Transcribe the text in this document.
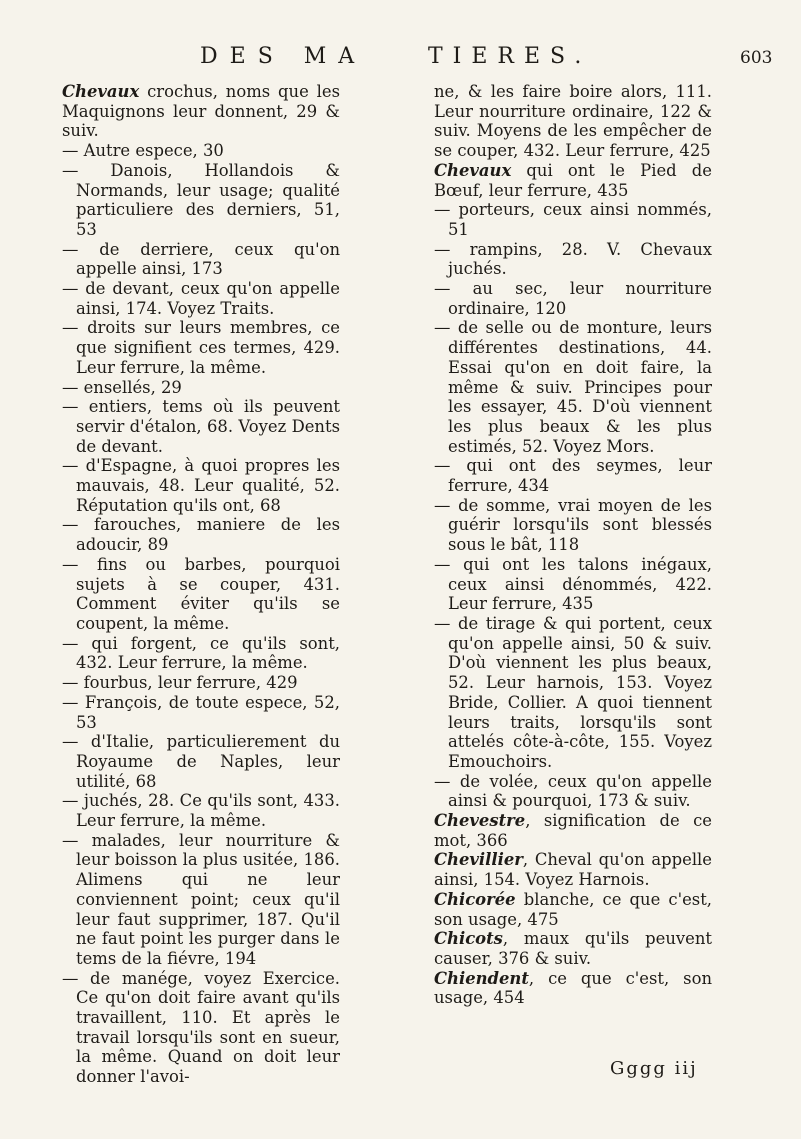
DES MA	TIERES.	603

Chevaux crochus, noms que les Maquignons leur donnent, 29 & suiv.

— Autre espece, 30

— Danois, Hollandois & Normands, leur usage; qualité particuliere des derniers, 51, 53

— de derriere, ceux qu'on appelle ainsi, 173

— de devant, ceux qu'on appelle ainsi, 174. Voyez Traits.

— droits sur leurs membres, ce que signifient ces termes, 429. Leur ferrure, la même.

— ensellés, 29

— entiers, tems où ils peuvent servir d'étalon, 68. Voyez Dents de devant.

— d'Espagne, à quoi propres les mauvais, 48. Leur qualité, 52. Réputation qu'ils ont, 68

— farouches, maniere de les adoucir, 89

— fins ou barbes, pourquoi sujets à se couper, 431. Comment éviter qu'ils se coupent, la même.

— qui forgent, ce qu'ils sont, 432. Leur ferrure, la même.

— fourbus, leur ferrure, 429

— François, de toute espece, 52, 53

— d'Italie, particulierement du Royaume de Naples, leur utilité, 68

— juchés, 28. Ce qu'ils sont, 433. Leur ferrure, la même.

— malades, leur nourriture & leur boisson la plus usitée, 186. Alimens qui ne leur conviennent point; ceux qu'il leur faut supprimer, 187. Qu'il ne faut point les purger dans le tems de la fiévre, 194

— de manége, voyez Exercice. Ce qu'on doit faire avant qu'ils travaillent, 110. Et après le travail lorsqu'ils sont en sueur, la même. Quand on doit leur donner l'avoi-

ne, & les faire boire alors, 111. Leur nourriture ordinaire, 122 & suiv. Moyens de les empêcher de se couper, 432. Leur ferrure, 425

Chevaux qui ont le Pied de Bœuf, leur ferrure, 435

— porteurs, ceux ainsi nommés, 51

— rampins, 28. V. Chevaux juchés.

— au sec, leur nourriture ordinaire, 120

— de selle ou de monture, leurs différentes destinations, 44. Essai qu'on en doit faire, la même & suiv. Principes pour les essayer, 45. D'où viennent les plus beaux & les plus estimés, 52. Voyez Mors.

— qui ont des seymes, leur ferrure, 434

— de somme, vrai moyen de les guérir lorsqu'ils sont blessés sous le bât, 118

— qui ont les talons inégaux, ceux ainsi dénommés, 422. Leur ferrure, 435

— de tirage & qui portent, ceux qu'on appelle ainsi, 50 & suiv. D'où viennent les plus beaux, 52. Leur harnois, 153. Voyez Bride, Collier. A quoi tiennent leurs traits, lorsqu'ils sont attelés côte-à-côte, 155. Voyez Emouchoirs.

— de volée, ceux qu'on appelle ainsi & pourquoi, 173 & suiv.

Chevestre, signification de ce mot, 366

Chevillier, Cheval qu'on appelle ainsi, 154. Voyez Harnois.

Chicorée blanche, ce que c'est, son usage, 475

Chicots, maux qu'ils peuvent causer, 376 & suiv.

Chiendent, ce que c'est, son usage, 454

Gggg iij
